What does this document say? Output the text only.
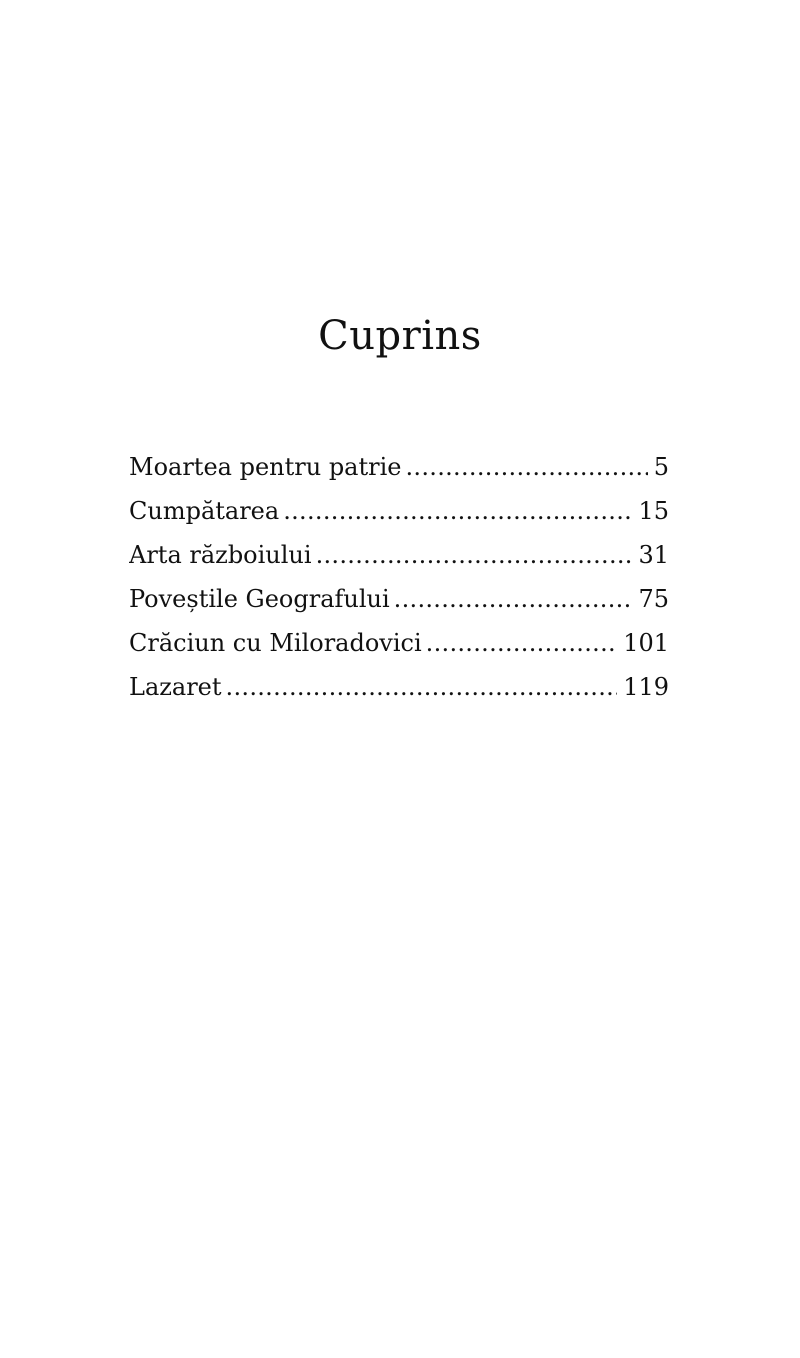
Cuprins
Moartea pentru patrie .....	5
Cumpătarea .....	15
Arta războiului .....	31
Poveștile Geografului .....	75
Crăciun cu Miloradovici .....	101
Lazaret .....	119
